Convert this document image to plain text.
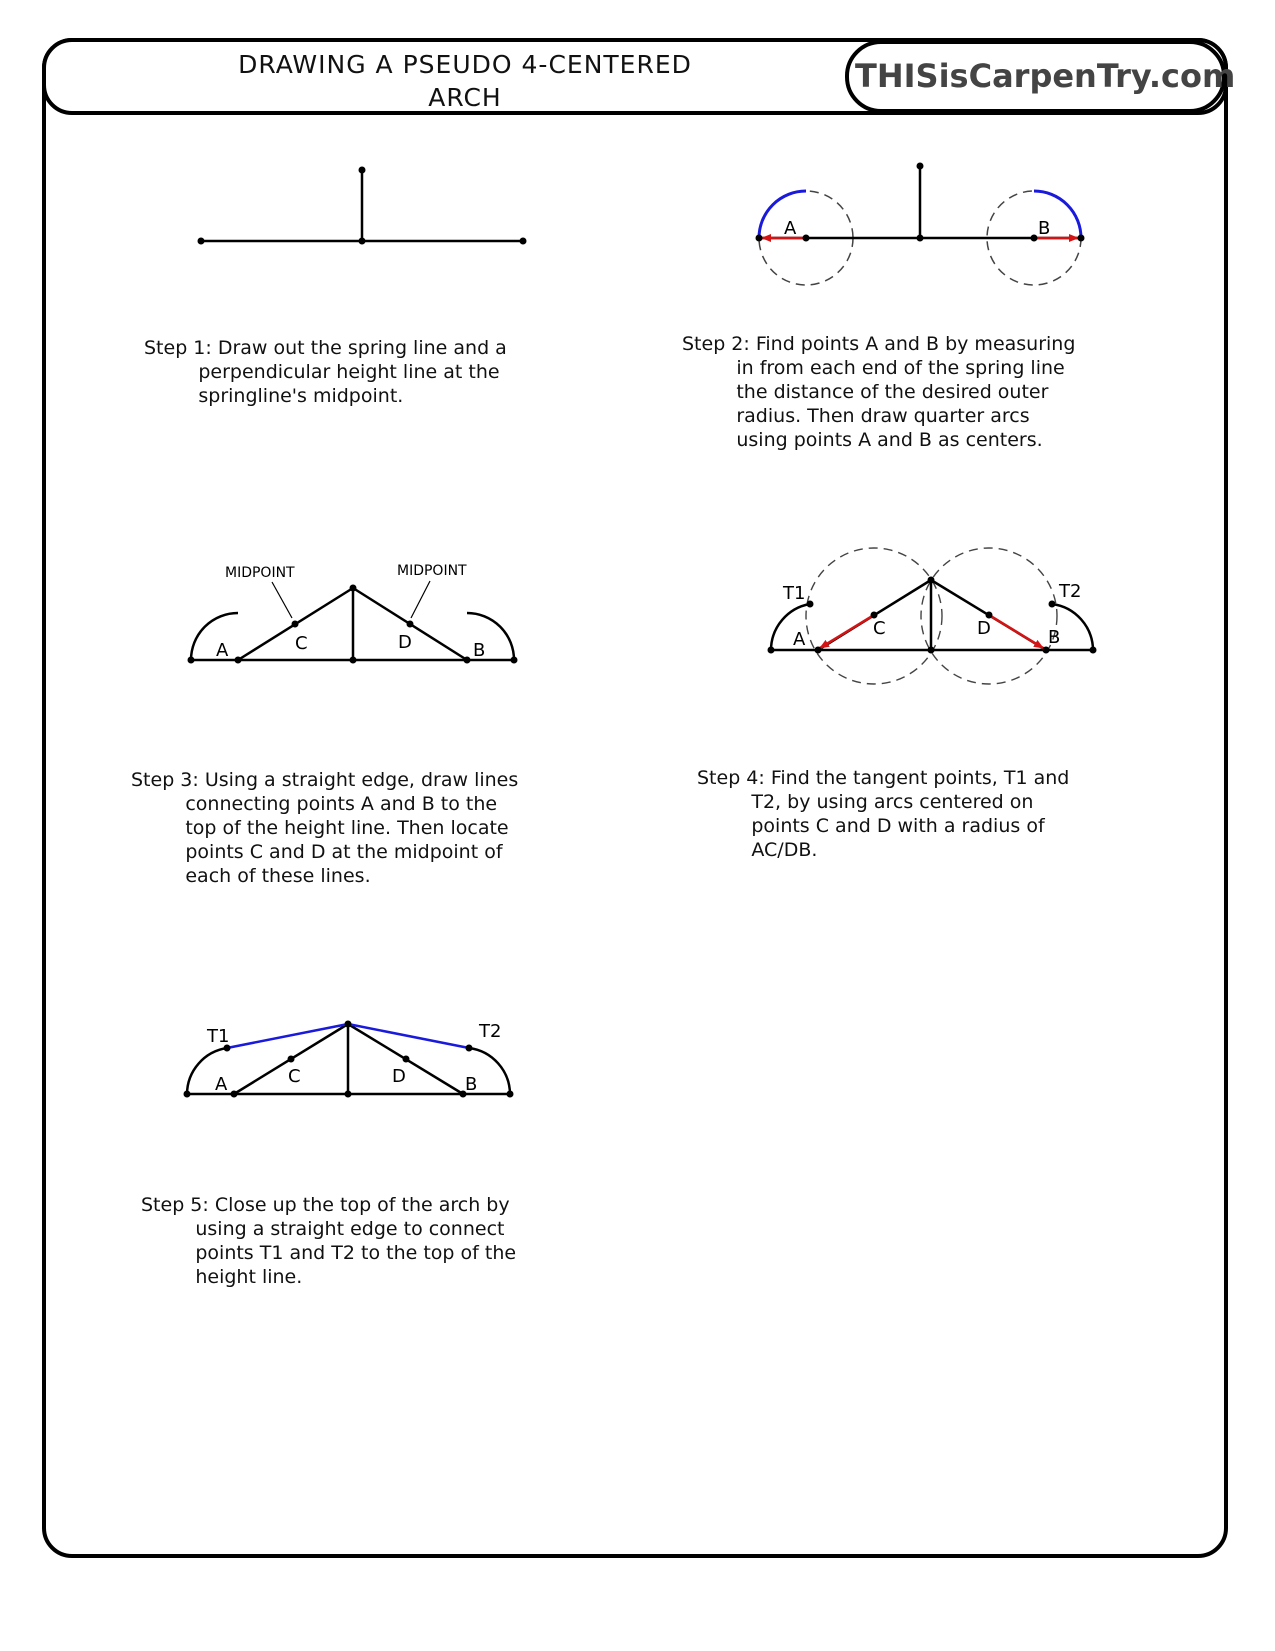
DRAWING A PSEUDO 4-CENTERED
ARCH
THISisCarpenTry.com
A	B
MIDPOINT	MIDPOINT
A	C	D	B
T1	T2
A
C	D	B
T1	T2
A	C	D	B
Step 1: Draw out the spring line and a
perpendicular height line at the
springline's midpoint.
Step 2: Find points A and B by measuring
in from each end of the spring line
the distance of the desired outer
radius. Then draw quarter arcs
using points A and B as centers.
Step 3: Using a straight edge, draw lines
connecting points A and B to the
top of the height line. Then locate
points C and D at the midpoint of
each of these lines.
Step 4: Find the tangent points, T1 and
T2, by using arcs centered on
points C and D with a radius of
AC/DB.
Step 5: Close up the top of the arch by
using a straight edge to connect
points T1 and T2 to the top of the
height line.
